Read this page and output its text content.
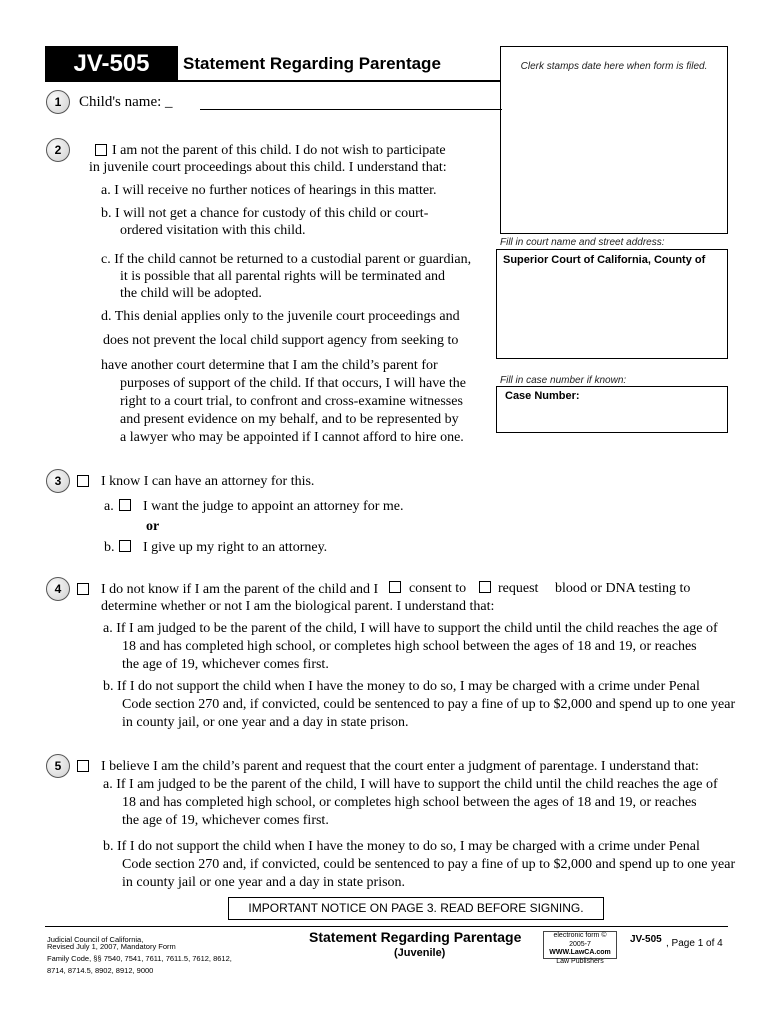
JV-505	Statement Regarding Parentage	Clerk stamps date here when form is filed.
Fill in court name and street address:
Superior Court of California, County of
Fill in case number if known:
Case Number:
1	Child's name: _
2	I am not the parent of this child. I do not wish to participate
in juvenile court proceedings about this child. I understand that:
a. I will receive no further notices of hearings in this matter.
b. I will not get a chance for custody of this child or court-
ordered visitation with this child.
c. If the child cannot be returned to a custodial parent or guardian,
it is possible that all parental rights will be terminated and
the child will be adopted.
d. This denial applies only to the juvenile court proceedings and
does not prevent the local child support agency from seeking to
have another court determine that I am the child’s parent for
purposes of support of the child. If that occurs, I will have the
right to a court trial, to confront and cross-examine witnesses
and present evidence on my behalf, and to be represented by
a lawyer who may be appointed if I cannot afford to hire one.
3	I know I can have an attorney for this.
a. I want the judge to appoint an attorney for me.
or
b. I give up my right to an attorney.
4	I do not know if I am the parent of the child and I consent to request blood or DNA testing to
determine whether or not I am the biological parent. I understand that:
a. If I am judged to be the parent of the child, I will have to support the child until the child reaches the age of
18 and has completed high school, or completes high school between the ages of 18 and 19, or reaches
the age of 19, whichever comes first.
b. If I do not support the child when I have the money to do so, I may be charged with a crime under Penal
Code section 270 and, if convicted, could be sentenced to pay a fine of up to $2,000 and spend up to one year
in county jail, or one year and a day in state prison.
5	I believe I am the child’s parent and request that the court enter a judgment of parentage. I understand that:
a. If I am judged to be the parent of the child, I will have to support the child until the child reaches the age of
18 and has completed high school, or completes high school between the ages of 18 and 19, or reaches
the age of 19, whichever comes first.
b. If I do not support the child when I have the money to do so, I may be charged with a crime under Penal
Code section 270 and, if convicted, could be sentenced to pay a fine of up to $2,000 and spend up to one year
in county jail or one year and a day in state prison.
IMPORTANT NOTICE ON PAGE 3. READ BEFORE SIGNING.
Judicial Council of California,
Revised July 1, 2007, Mandatory Form
Family Code, §§ 7540, 7541, 7611, 7611.5, 7612, 8612,
8714, 8714.5, 8902, 8912, 9000
Statement Regarding Parentage
(Juvenile)
electronic form © 2005-7
WWW.LawCA.com
Law Publishers
JV-505 , Page 1 of 4
